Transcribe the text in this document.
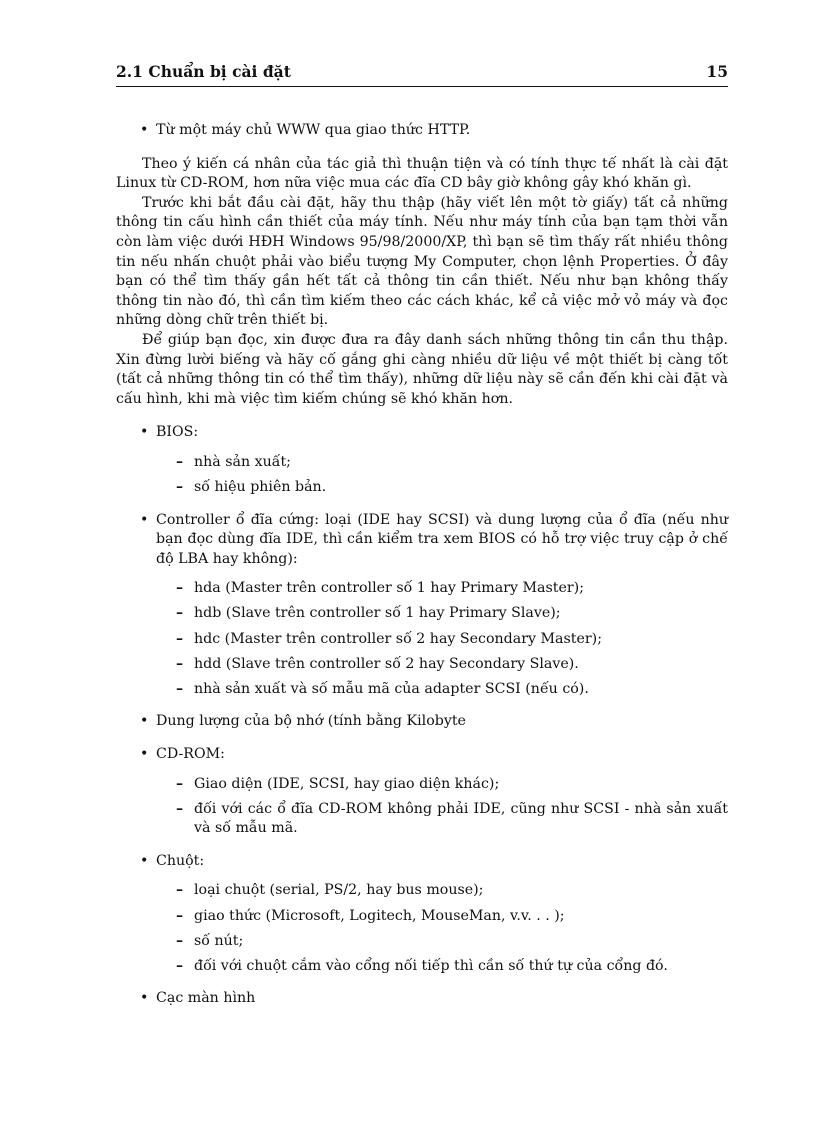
2.1 Chuẩn bị cài đặt	15
• Từ một máy chủ WWW qua giao thức HTTP.

Theo ý kiến cá nhân của tác giả thì thuận tiện và có tính thực tế nhất là cài đặt Linux từ CD-ROM, hơn nữa việc mua các đĩa CD bây giờ không gây khó khăn gì.

Trước khi bắt đầu cài đặt, hãy thu thập (hãy viết lên một tờ giấy) tất cả những thông tin cấu hình cần thiết của máy tính. Nếu như máy tính của bạn tạm thời vẫn còn làm việc dưới HĐH Windows 95/98/2000/XP, thì bạn sẽ tìm thấy rất nhiều thông tin nếu nhấn chuột phải vào biểu tượng My Computer, chọn lệnh Properties. Ở đây bạn có thể tìm thấy gần hết tất cả thông tin cần thiết. Nếu như bạn không thấy thông tin nào đó, thì cần tìm kiếm theo các cách khác, kể cả việc mở vỏ máy và đọc những dòng chữ trên thiết bị.

Để giúp bạn đọc, xin được đưa ra đây danh sách những thông tin cần thu thập. Xin đừng lười biếng và hãy cố gắng ghi càng nhiều dữ liệu về một thiết bị càng tốt (tất cả những thông tin có thể tìm thấy), những dữ liệu này sẽ cần đến khi cài đặt và cấu hình, khi mà việc tìm kiếm chúng sẽ khó khăn hơn.

• BIOS:
– nhà sản xuất;
– số hiệu phiên bản.
• Controller ổ đĩa cứng: loại (IDE hay SCSI) và dung lượng của ổ đĩa (nếu như bạn đọc dùng đĩa IDE, thì cần kiểm tra xem BIOS có hỗ trợ việc truy cập ở chế độ LBA hay không):
– hda (Master trên controller số 1 hay Primary Master);
– hdb (Slave trên controller số 1 hay Primary Slave);
– hdc (Master trên controller số 2 hay Secondary Master);
– hdd (Slave trên controller số 2 hay Secondary Slave).
– nhà sản xuất và số mẫu mã của adapter SCSI (nếu có).
• Dung lượng của bộ nhớ (tính bằng Kilobyte
• CD-ROM:
– Giao diện (IDE, SCSI, hay giao diện khác);
– đối với các ổ đĩa CD-ROM không phải IDE, cũng như SCSI - nhà sản xuất và số mẫu mã.
• Chuột:
– loại chuột (serial, PS/2, hay bus mouse);
– giao thức (Microsoft, Logitech, MouseMan, v.v. . . );
– số nút;
– đối với chuột cắm vào cổng nối tiếp thì cần số thứ tự của cổng đó.
• Cạc màn hình
